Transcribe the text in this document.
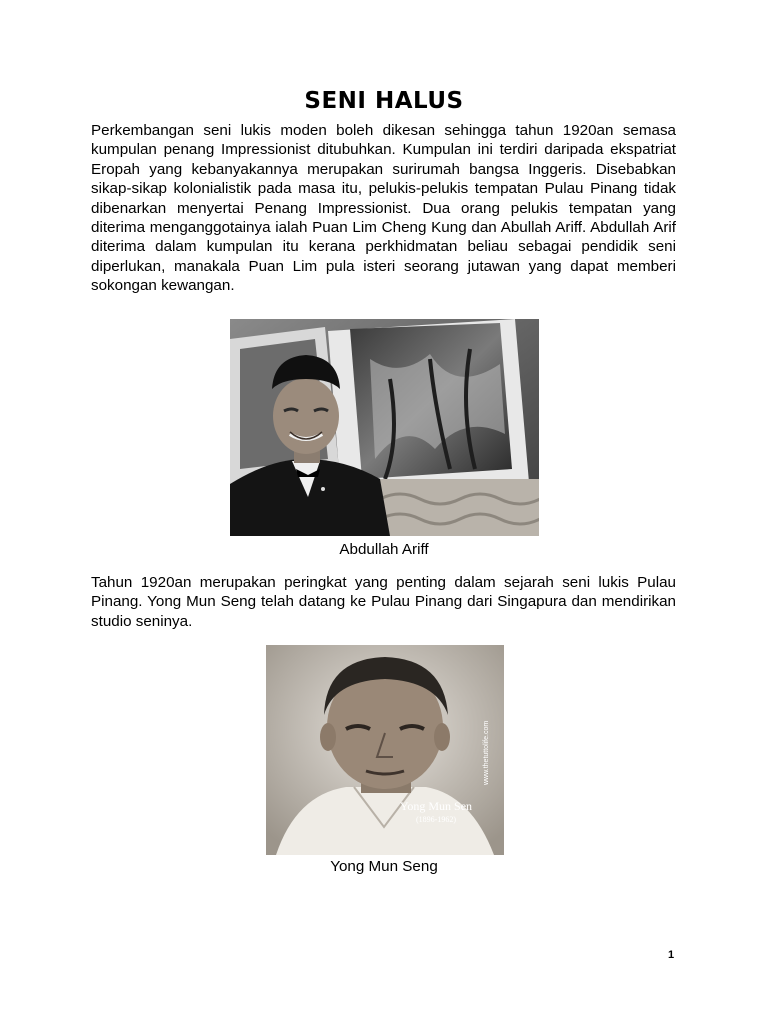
SENI HALUS

Perkembangan seni lukis moden boleh dikesan sehingga tahun 1920an semasa kumpulan penang Impressionist ditubuhkan. Kumpulan ini terdiri daripada ekspatriat Eropah yang kebanyakannya merupakan surirumah bangsa Inggeris. Disebabkan sikap-sikap kolonialistik pada masa itu, pelukis-pelukis tempatan Pulau Pinang tidak dibenarkan menyertai Penang Impressionist. Dua orang pelukis tempatan yang diterima menganggotainya ialah Puan Lim Cheng Kung dan Abullah Ariff. Abdullah Arif diterima dalam kumpulan itu kerana perkhidmatan beliau sebagai pendidik seni diperlukan, manakala Puan Lim pula isteri seorang jutawan yang dapat memberi sokongan kewangan.

Abdullah Ariff

Tahun 1920an merupakan peringkat yang penting dalam sejarah seni lukis Pulau Pinang. Yong Mun Seng telah datang ke Pulau Pinang dari Singapura dan mendirikan studio seninya.

Yong Mun Sen
(1896-1962)
www.thetuttolife.com

Yong Mun Seng

1
